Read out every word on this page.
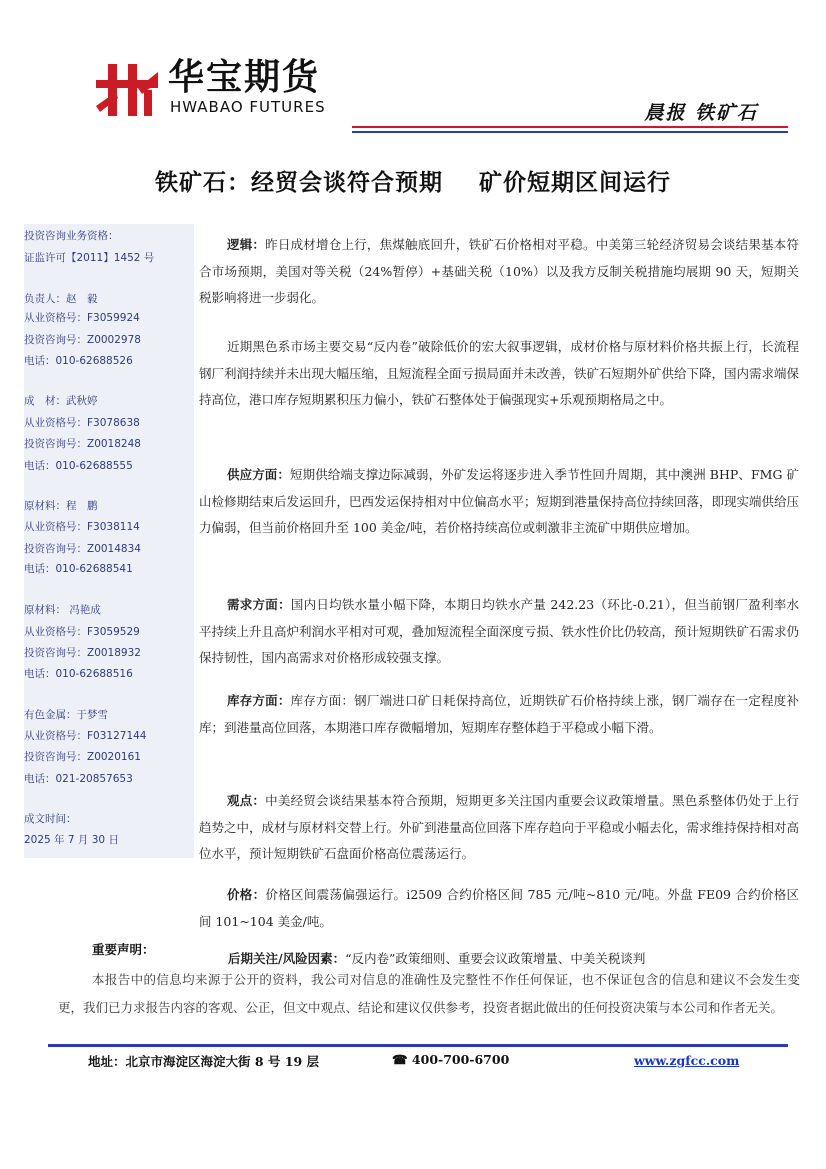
华宝期货
HWABAO FUTURES	晨报 铁矿石
铁矿石：经贸会谈符合预期    矿价短期区间运行
投资咨询业务资格：
证监许可【2011】1452 号
负责人：赵　毅
从业资格号：F3059924
投资咨询号：Z0002978
电话：010-62688526
成　材：武秋婷
从业资格号：F3078638
投资咨询号：Z0018248
电话：010-62688555
原材料：程　鹏
从业资格号：F3038114
投资咨询号：Z0014834
电话：010-62688541
原材料： 冯艳成
从业资格号：F3059529
投资咨询号：Z0018932
电话：010-62688516
有色金属：于梦雪
从业资格号：F03127144
投资咨询号：Z0020161
电话：021-20857653
成文时间：
2025 年 7 月 30 日
逻辑：昨日成材增仓上行，焦煤触底回升，铁矿石价格相对平稳。中美第三轮经济贸易会谈结果基本符合市场预期，美国对等关税（24%暂停）+基础关税（10%）以及我方反制关税措施均展期 90 天，短期关税影响将进一步弱化。
近期黑色系市场主要交易“反内卷”破除低价的宏大叙事逻辑，成材价格与原材料价格共振上行，长流程钢厂利润持续并未出现大幅压缩，且短流程全面亏损局面并未改善，铁矿石短期外矿供给下降，国内需求端保持高位，港口库存短期累积压力偏小，铁矿石整体处于偏强现实+乐观预期格局之中。
供应方面：短期供给端支撑边际减弱，外矿发运将逐步进入季节性回升周期，其中澳洲 BHP、FMG 矿山检修期结束后发运回升，巴西发运保持相对中位偏高水平；短期到港量保持高位持续回落，即现实端供给压力偏弱，但当前价格回升至 100 美金/吨，若价格持续高位或刺激非主流矿中期供应增加。
需求方面：国内日均铁水量小幅下降，本期日均铁水产量 242.23（环比-0.21），但当前钢厂盈利率水平持续上升且高炉利润水平相对可观，叠加短流程全面深度亏损、铁水性价比仍较高，预计短期铁矿石需求仍保持韧性，国内高需求对价格形成较强支撑。
库存方面：库存方面：钢厂端进口矿日耗保持高位，近期铁矿石价格持续上涨，钢厂端存在一定程度补库；到港量高位回落，本期港口库存微幅增加，短期库存整体趋于平稳或小幅下滑。
观点：中美经贸会谈结果基本符合预期，短期更多关注国内重要会议政策增量。黑色系整体仍处于上行趋势之中，成材与原材料交替上行。外矿到港量高位回落下库存趋向于平稳或小幅去化，需求维持保持相对高位水平，预计短期铁矿石盘面价格高位震荡运行。
价格：价格区间震荡偏强运行。i2509 合约价格区间 785 元/吨~810 元/吨。外盘 FE09 合约价格区间 101~104 美金/吨。
本报告中的信息均来源于公开的资料，我公司对信息的准确性及完整性不作任何保证，也不保证包含的信息和建议不会发生变更，我们已力求报告内容的客观、公正，但文中观点、结论和建议仅供参考，投资者据此做出的任何投资决策与本公司和作者无关。
重要声明：
后期关注/风险因素：“反内卷”政策细则、重要会议政策增量、中美关税谈判
地址：北京市海淀区海淀大街 8 号 19 层	☎ 400-700-6700	www.zgfcc.com
